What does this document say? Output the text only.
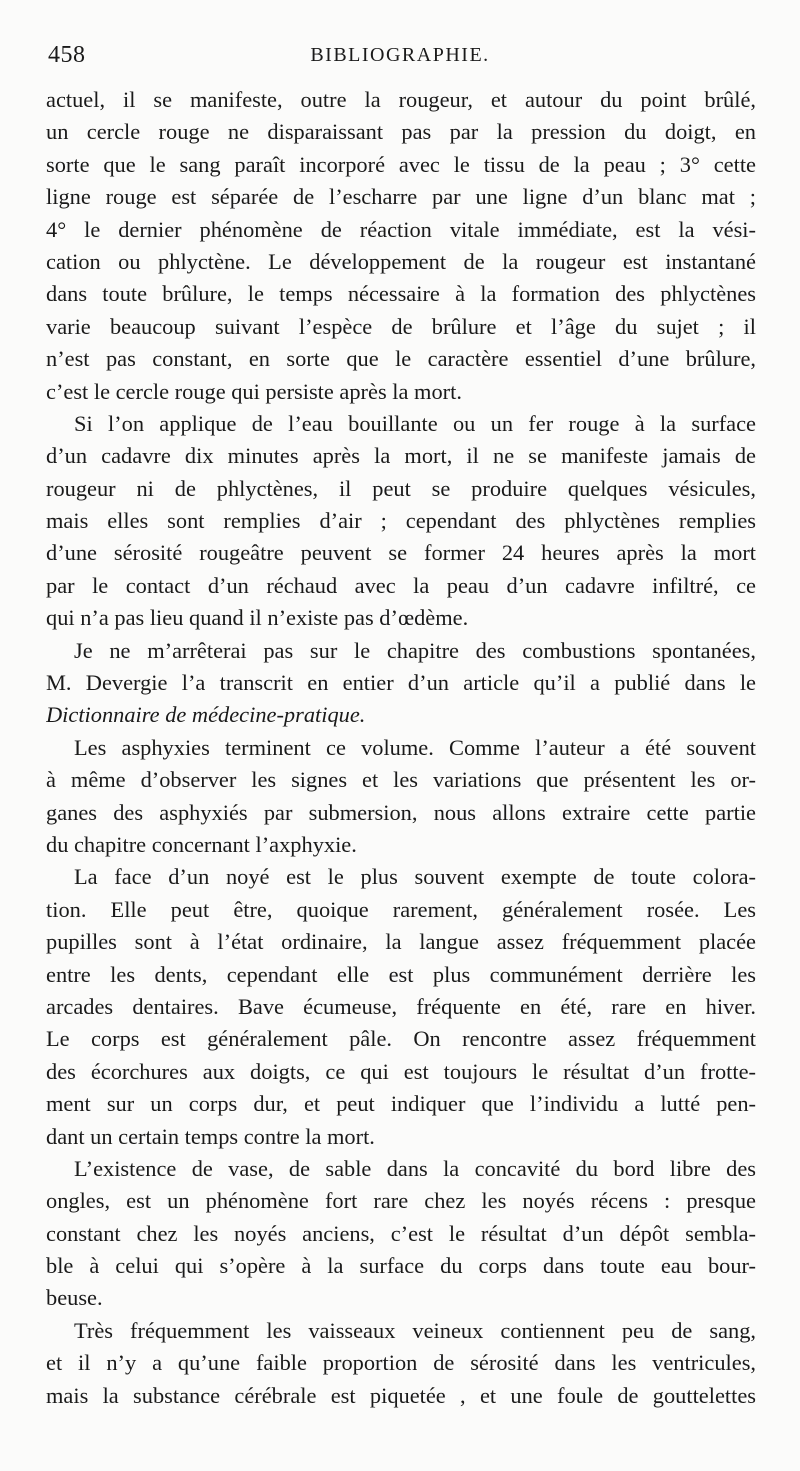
458	BIBLIOGRAPHIE.
actuel, il se manifeste, outre la rougeur, et autour du point brûlé,
un cercle rouge ne disparaissant pas par la pression du doigt, en
sorte que le sang paraît incorporé avec le tissu de la peau ; 3° cette
ligne rouge est séparée de l’escharre par une ligne d’un blanc mat ;
4° le dernier phénomène de réaction vitale immédiate, est la vési-
cation ou phlyctène. Le développement de la rougeur est instantané
dans toute brûlure, le temps nécessaire à la formation des phlyctènes
varie beaucoup suivant l’espèce de brûlure et l’âge du sujet ; il
n’est pas constant, en sorte que le caractère essentiel d’une brûlure,
c’est le cercle rouge qui persiste après la mort.
Si l’on applique de l’eau bouillante ou un fer rouge à la surface
d’un cadavre dix minutes après la mort, il ne se manifeste jamais de
rougeur ni de phlyctènes, il peut se produire quelques vésicules,
mais elles sont remplies d’air ; cependant des phlyctènes remplies
d’une sérosité rougeâtre peuvent se former 24 heures après la mort
par le contact d’un réchaud avec la peau d’un cadavre infiltré, ce
qui n’a pas lieu quand il n’existe pas d’œdème.
Je ne m’arrêterai pas sur le chapitre des combustions spontanées,
M. Devergie l’a transcrit en entier d’un article qu’il a publié dans le
Dictionnaire de médecine-pratique.
Les asphyxies terminent ce volume. Comme l’auteur a été souvent
à même d’observer les signes et les variations que présentent les or-
ganes des asphyxiés par submersion, nous allons extraire cette partie
du chapitre concernant l’axphyxie.
La face d’un noyé est le plus souvent exempte de toute colora-
tion. Elle peut être, quoique rarement, généralement rosée. Les
pupilles sont à l’état ordinaire, la langue assez fréquemment placée
entre les dents, cependant elle est plus communément derrière les
arcades dentaires. Bave écumeuse, fréquente en été, rare en hiver.
Le corps est généralement pâle. On rencontre assez fréquemment
des écorchures aux doigts, ce qui est toujours le résultat d’un frotte-
ment sur un corps dur, et peut indiquer que l’individu a lutté pen-
dant un certain temps contre la mort.
L’existence de vase, de sable dans la concavité du bord libre des
ongles, est un phénomène fort rare chez les noyés récens : presque
constant chez les noyés anciens, c’est le résultat d’un dépôt sembla-
ble à celui qui s’opère à la surface du corps dans toute eau bour-
beuse.
Très fréquemment les vaisseaux veineux contiennent peu de sang,
et il n’y a qu’une faible proportion de sérosité dans les ventricules,
mais la substance cérébrale est piquetée , et une foule de gouttelettes
